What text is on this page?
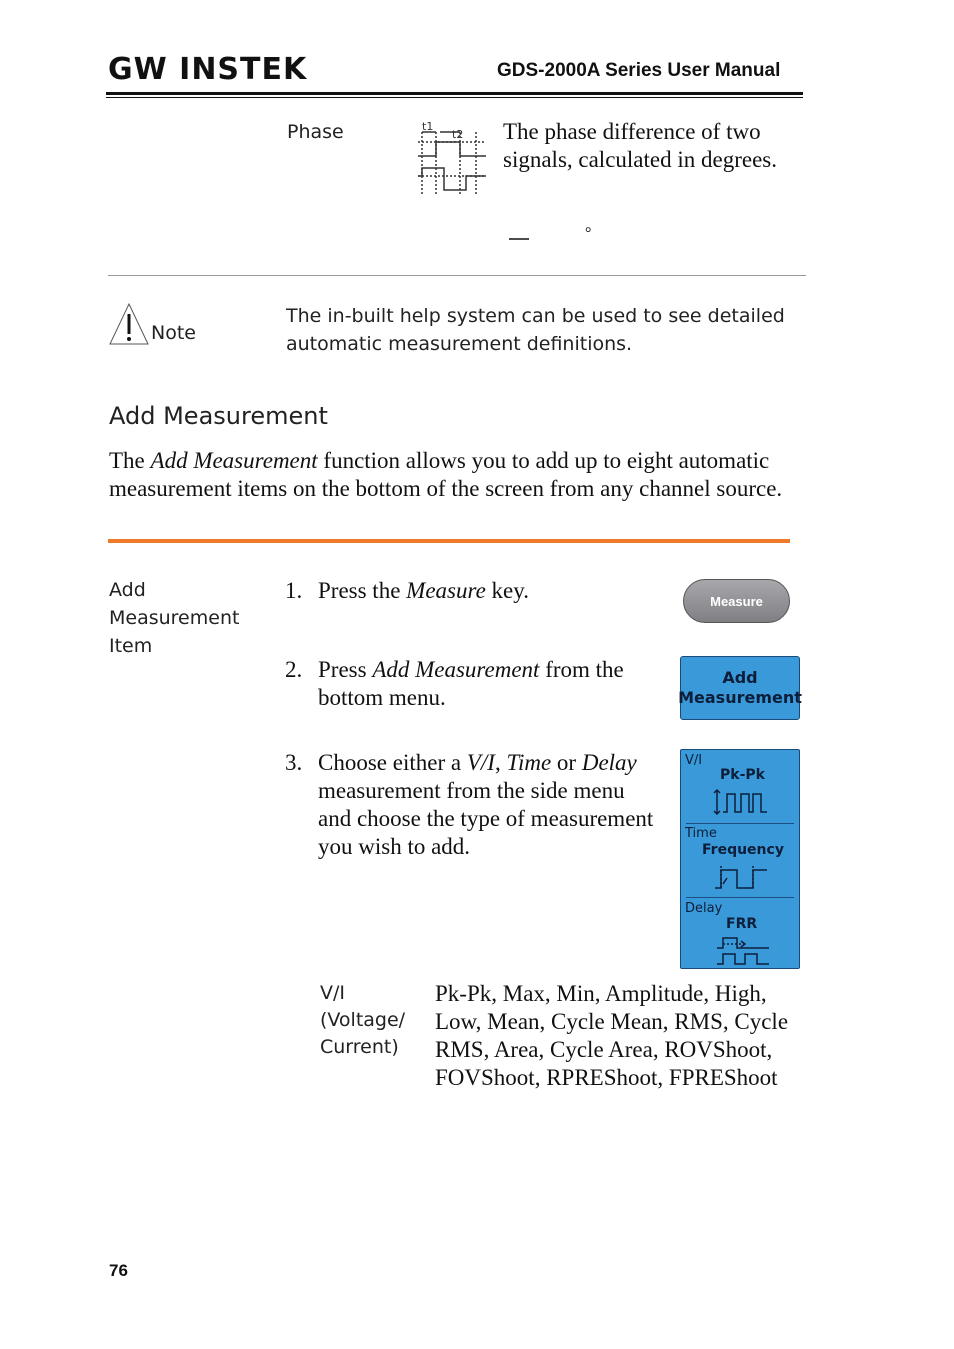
GW INSTEK	GDS-2000A Series User Manual
Phase	t1
t2 The phase difference of two signals, calculated in degrees.
°
Note
The in-built help system can be used to see detailed automatic measurement definitions.
Add Measurement
The Add Measurement function allows you to add up to eight automatic measurement items on the bottom of the screen from any channel source.
Add Measurement Item
1. Press the Measure key.
2. Press Add Measurement from the bottom menu.
3. Choose either a V/I, Time or Delay measurement from the side menu and choose the type of measurement you wish to add.
Measure
Add
Measurement
V/I
Pk-Pk
Time
Frequency
Delay
FRR
V/I (Voltage/ Current)
Pk-Pk, Max, Min, Amplitude, High, Low, Mean, Cycle Mean, RMS, Cycle RMS, Area, Cycle Area, ROVShoot, FOVShoot, RPREShoot, FPREShoot
76
